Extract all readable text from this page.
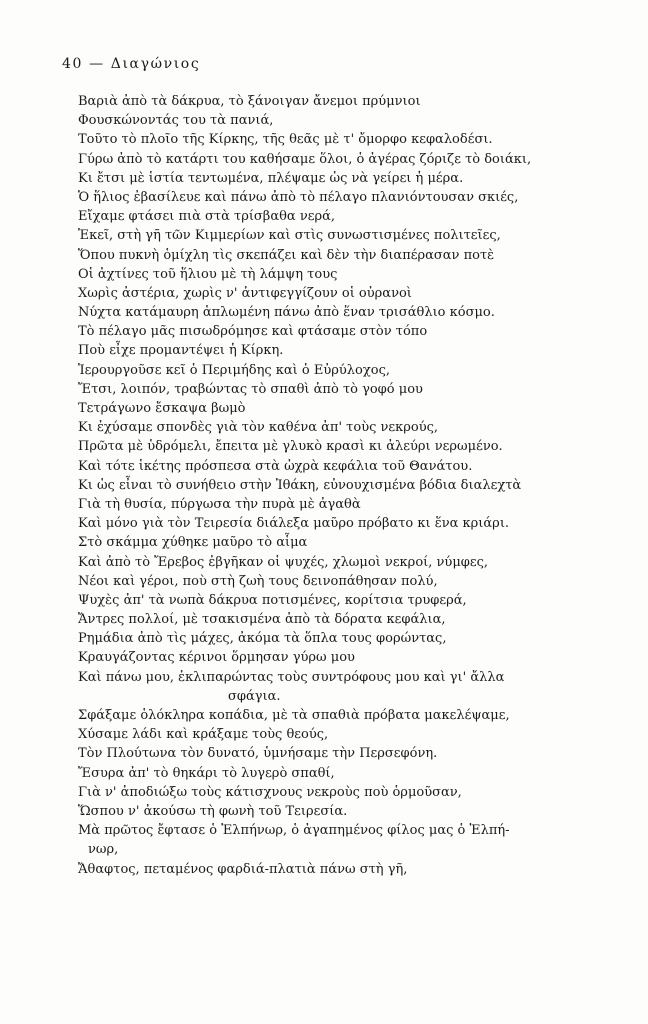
40 — Διαγώνιος
Βαριὰ ἀπὸ τὰ δάκρυα, τὸ ξάνοιγαν ἄνεμοι πρύμνιοι
Φουσκώνοντάς του τὰ πανιά,
Τοῦτο τὸ πλοῖο τῆς Κίρκης, τῆς θεᾶς μὲ τ' ὄμορφο κεφαλοδέσι.
Γύρω ἀπὸ τὸ κατάρτι του καθήσαμε ὅλοι, ὁ ἀγέρας ζόριζε τὸ δοιάκι,
Κι ἔτσι μὲ ἱστία τεντωμένα, πλέψαμε ὡς νὰ γείρει ἡ μέρα.
Ὁ ἥλιος ἐβασίλευε καὶ πάνω ἀπὸ τὸ πέλαγο πλανιόντουσαν σκιές,
Εἴχαμε φτάσει πιὰ στὰ τρίσβαθα νερά,
Ἐκεῖ, στὴ γῆ τῶν Κιμμερίων καὶ στὶς συνωστισμένες πολιτεῖες,
Ὅπου πυκνὴ ὁμίχλη τὶς σκεπάζει καὶ δὲν τὴν διαπέρασαν ποτὲ
Οἱ ἀχτίνες τοῦ ἥλιου μὲ τὴ λάμψη τους
Χωρὶς ἀστέρια, χωρὶς ν' ἀντιφεγγίζουν οἱ οὐρανοὶ
Νύχτα κατάμαυρη ἁπλωμένη πάνω ἀπὸ ἕναν τρισάθλιο κόσμο.
Τὸ πέλαγο μᾶς πισωδρόμησε καὶ φτάσαμε στὸν τόπο
Ποὺ εἶχε προμαντέψει ἡ Κίρκη.
Ἱερουργοῦσε κεῖ ὁ Περιμήδης καὶ ὁ Εὐρύλοχος,
Ἔτσι, λοιπόν, τραβώντας τὸ σπαθὶ ἀπὸ τὸ γοφό μου
Τετράγωνο ἔσκαψα βωμὸ
Κι ἐχύσαμε σπονδὲς γιὰ τὸν καθένα ἀπ' τοὺς νεκρούς,
Πρῶτα μὲ ὑδρόμελι, ἔπειτα μὲ γλυκὸ κρασὶ κι ἀλεύρι νερωμένο.
Καὶ τότε ἱκέτης πρόσπεσα στὰ ὠχρὰ κεφάλια τοῦ Θανάτου.
Κι ὡς εἶναι τὸ συνήθειο στὴν Ἰθάκη, εὐνουχισμένα βόδια διαλεχτὰ
Γιὰ τὴ θυσία, πύργωσα τὴν πυρὰ μὲ ἀγαθὰ
Καὶ μόνο γιὰ τὸν Τειρεσία διάλεξα μαῦρο πρόβατο κι ἕνα κριάρι.
Στὸ σκάμμα χύθηκε μαῦρο τὸ αἷμα
Καὶ ἀπὸ τὸ Ἔρεβος ἐβγῆκαν οἱ ψυχές, χλωμοὶ νεκροί, νύμφες,
Νέοι καὶ γέροι, ποὺ στὴ ζωὴ τους δεινοπάθησαν πολύ,
Ψυχὲς ἀπ' τὰ νωπὰ δάκρυα ποτισμένες, κορίτσια τρυφερά,
Ἄντρες πολλοί, μὲ τσακισμένα ἀπὸ τὰ δόρατα κεφάλια,
Ρημάδια ἀπὸ τὶς μάχες, ἀκόμα τὰ ὅπλα τους φορώντας,
Κραυγάζοντας κέρινοι ὅρμησαν γύρω μου
Καὶ πάνω μου, ἐκλιπαρώντας τοὺς συντρόφους μου καὶ γι' ἄλλα
σφάγια.
Σφάξαμε ὁλόκληρα κοπάδια, μὲ τὰ σπαθιὰ πρόβατα μακελέψαμε,
Χύσαμε λάδι καὶ κράξαμε τοὺς θεούς,
Τὸν Πλούτωνα τὸν δυνατό, ὑμνήσαμε τὴν Περσεφόνη.
Ἔσυρα ἀπ' τὸ θηκάρι τὸ λυγερὸ σπαθί,
Γιὰ ν' ἀποδιώξω τοὺς κάτισχνους νεκροὺς ποὺ ὁρμοῦσαν,
Ὥσπου ν' ἀκούσω τὴ φωνὴ τοῦ Τειρεσία.
Μὰ πρῶτος ἔφτασε ὁ Ἐλπήνωρ, ὁ ἀγαπημένος φίλος μας ὁ Ἐλπή-
νωρ,
Ἄθαφτος, πεταμένος φαρδιά-πλατιὰ πάνω στὴ γῆ,
